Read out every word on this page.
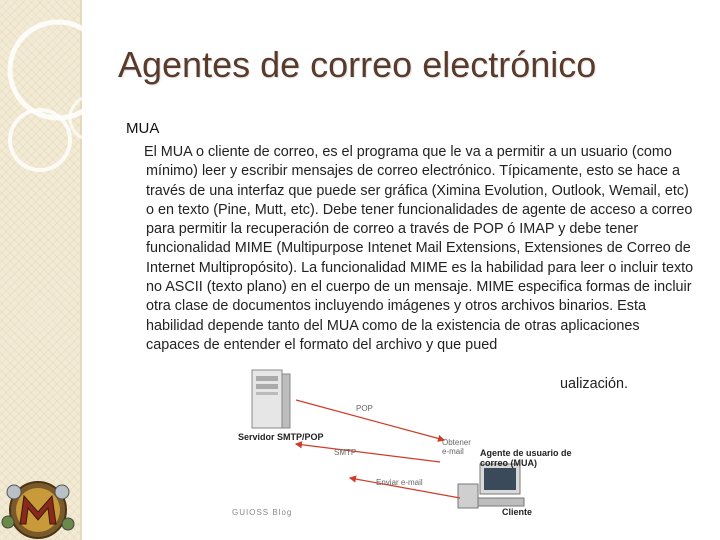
Agentes de correo electrónico
MUA
El MUA o cliente de correo, es el programa que le va a permitir a un usuario (como mínimo) leer y escribir mensajes de correo electrónico. Típicamente, esto se hace a través de una interfaz que puede ser gráfica (Ximina Evolution, Outlook, Wemail, etc) o en texto (Pine, Mutt, etc). Debe tener funcionalidades de agente de acceso a correo para permitir la recuperación de correo a través de POP ó IMAP y debe tener funcionalidad MIME (Multipurpose Intenet Mail Extensions, Extensiones de Correo de Internet Multipropósito). La funcionalidad MIME es la habilidad para leer o incluir texto no ASCII (texto plano) en el cuerpo de un mensaje. MIME especifica formas de incluir otra clase de documentos incluyendo imágenes y otros archivos binarios. Esta habilidad depende tanto del MUA como de la existencia de otras aplicaciones capaces de entender el formato del archivo y que pued
Servidor SMTP/POP
Agente de usuario de correo (MUA)
Cliente
POP
Obtener e-mail
SMTP
Enviar e-mail
GUIOSS Blog
ualización.
